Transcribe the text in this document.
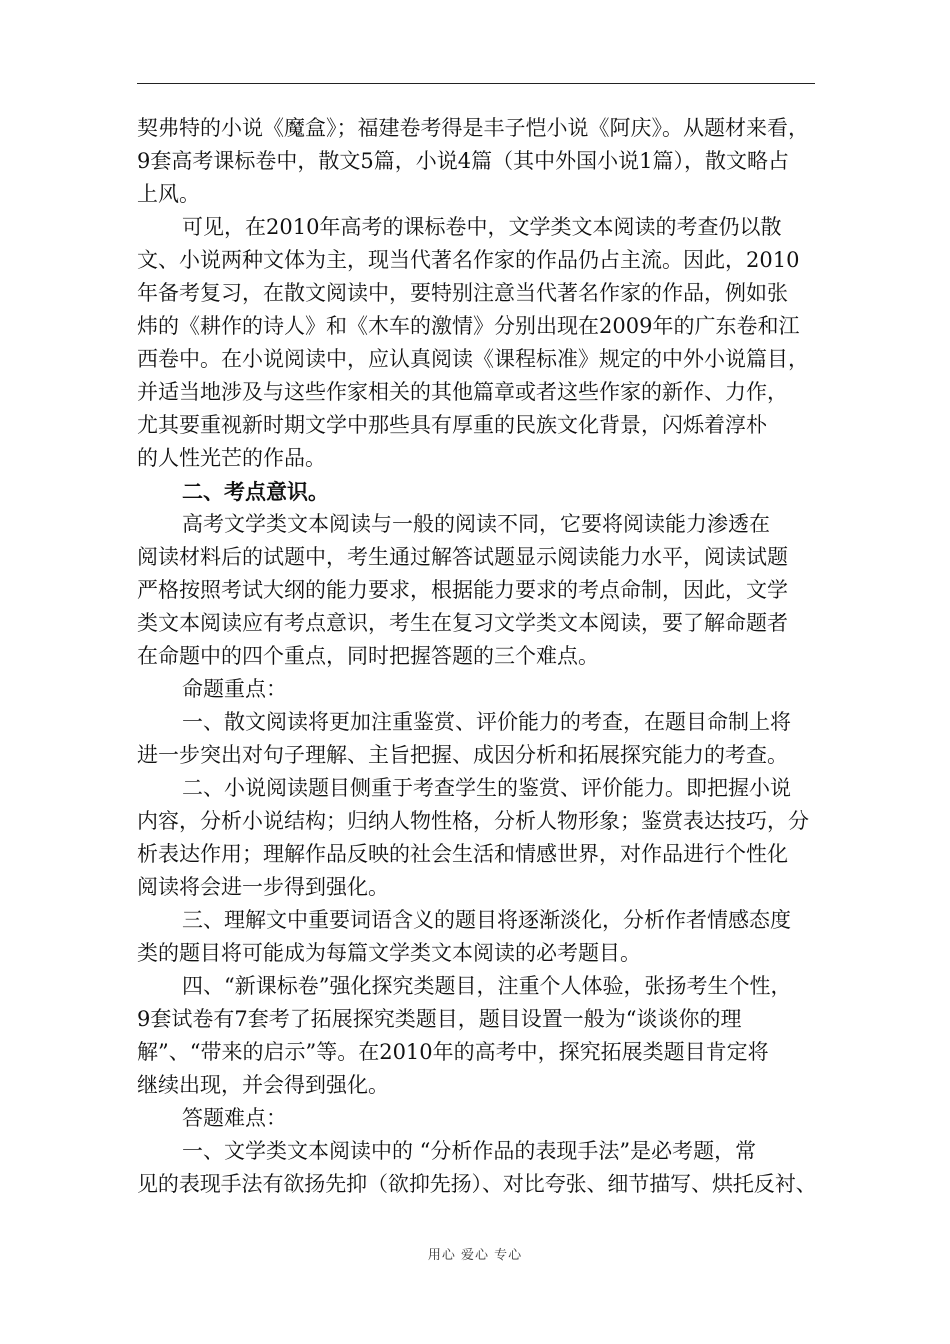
契弗特的小说《魔盒》；福建卷考得是丰子恺小说《阿庆》。从题材来看，
9套高考课标卷中，散文5篇，小说4篇（其中外国小说1篇），散文略占
上风。
可见，在2010年高考的课标卷中，文学类文本阅读的考查仍以散
文、小说两种文体为主，现当代著名作家的作品仍占主流。因此，2010
年备考复习，在散文阅读中，要特别注意当代著名作家的作品，例如张
炜的《耕作的诗人》和《木车的激情》分别出现在2009年的广东卷和江
西卷中。在小说阅读中，应认真阅读《课程标准》规定的中外小说篇目，
并适当地涉及与这些作家相关的其他篇章或者这些作家的新作、力作，
尤其要重视新时期文学中那些具有厚重的民族文化背景，闪烁着淳朴
的人性光芒的作品。
二、考点意识。
高考文学类文本阅读与一般的阅读不同，它要将阅读能力渗透在
阅读材料后的试题中，考生通过解答试题显示阅读能力水平，阅读试题
严格按照考试大纲的能力要求，根据能力要求的考点命制，因此，文学
类文本阅读应有考点意识，考生在复习文学类文本阅读，要了解命题者
在命题中的四个重点，同时把握答题的三个难点。
命题重点：
一、散文阅读将更加注重鉴赏、评价能力的考查，在题目命制上将
进一步突出对句子理解、主旨把握、成因分析和拓展探究能力的考查。
二、小说阅读题目侧重于考查学生的鉴赏、评价能力。即把握小说
内容，分析小说结构；归纳人物性格，分析人物形象；鉴赏表达技巧，分
析表达作用；理解作品反映的社会生活和情感世界，对作品进行个性化
阅读将会进一步得到强化。
三、理解文中重要词语含义的题目将逐渐淡化，分析作者情感态度
类的题目将可能成为每篇文学类文本阅读的必考题目。
四、“新课标卷”强化探究类题目，注重个人体验，张扬考生个性，
9套试卷有7套考了拓展探究类题目，题目设置一般为“谈谈你的理
解”、“带来的启示”等。在2010年的高考中，探究拓展类题目肯定将
继续出现，并会得到强化。
答题难点：
一、文学类文本阅读中的 “分析作品的表现手法”是必考题，常
见的表现手法有欲扬先抑（欲抑先扬）、对比夸张、细节描写、烘托反衬、
用心 爱心 专心
